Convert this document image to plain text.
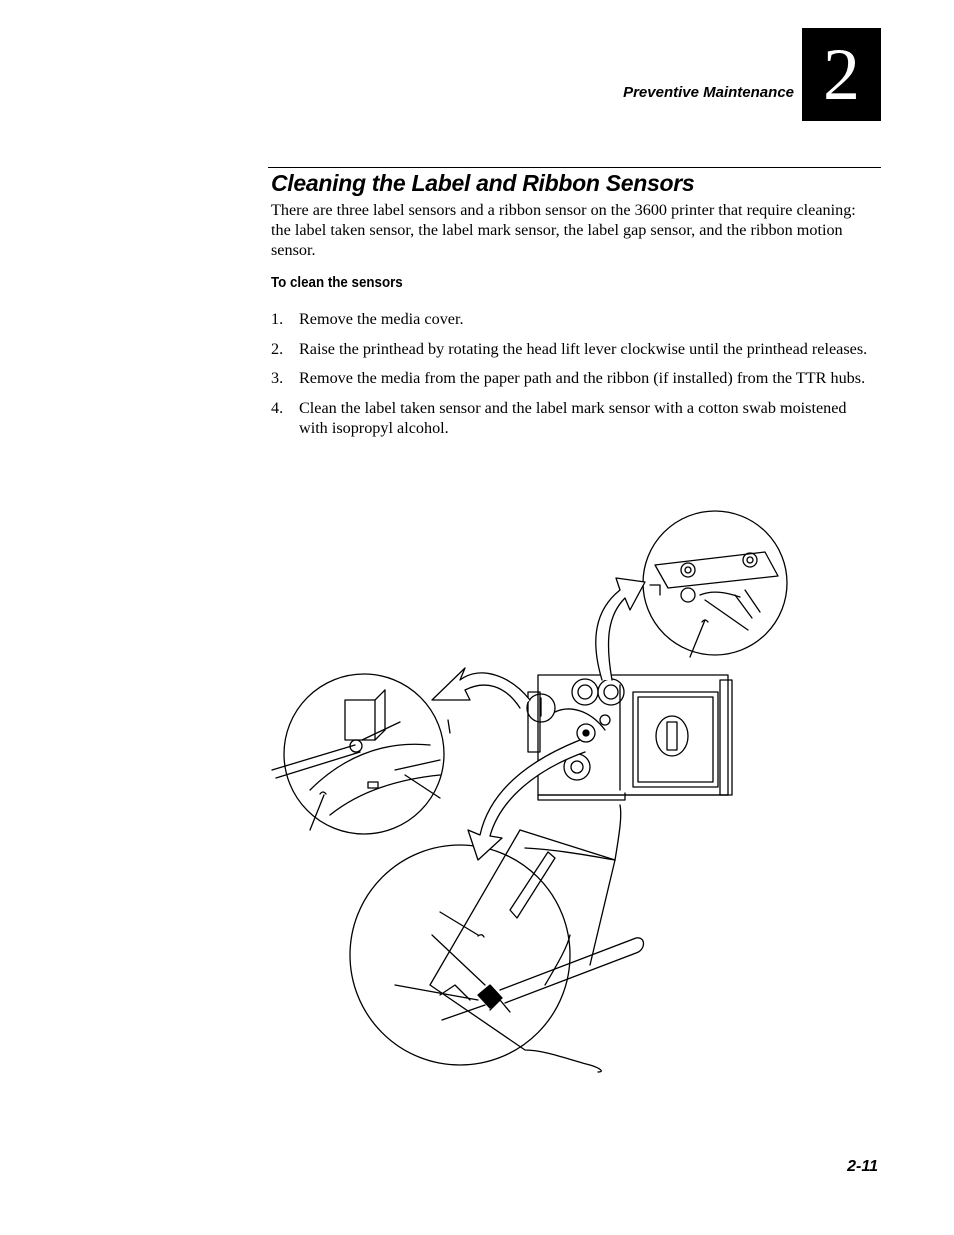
Preventive Maintenance 2
Cleaning the Label and Ribbon Sensors

There are three label sensors and a ribbon sensor on the 3600 printer that require cleaning: the label taken sensor, the label mark sensor, the label gap sensor, and the ribbon motion sensor.

To clean the sensors
1. Remove the media cover.
2. Raise the printhead by rotating the head lift lever clockwise until the printhead releases.
3. Remove the media from the paper path and the ribbon (if installed) from the TTR hubs.
4. Clean the label taken sensor and the label mark sensor with a cotton swab moistened with isopropyl alcohol.
2-11
